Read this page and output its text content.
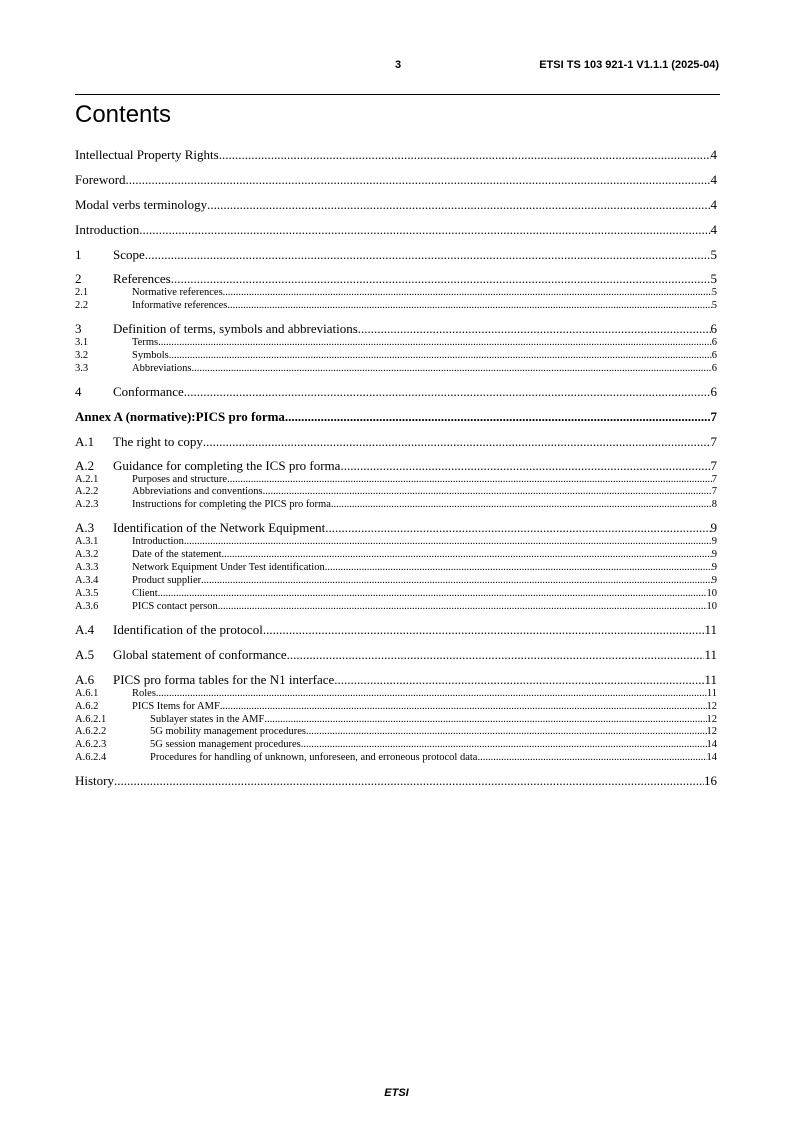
3	ETSI TS 103 921-1 V1.1.1 (2025-04)
Contents
Intellectual Property Rights .....	4
Foreword .....	4
Modal verbs terminology .....	4
Introduction .....	4
1	Scope .....	5
2	References .....	5
2.1	Normative references .....	5
2.2	Informative references .....	5
3	Definition of terms, symbols and abbreviations .....	6
3.1	Terms .....	6
3.2	Symbols .....	6
3.3	Abbreviations .....	6
4	Conformance .....	6
Annex A (normative): PICS pro forma .....	7
A.1	The right to copy .....	7
A.2	Guidance for completing the ICS pro forma .....	7
A.2.1	Purposes and structure .....	7
A.2.2	Abbreviations and conventions .....	7
A.2.3	Instructions for completing the PICS pro forma .....	8
A.3	Identification of the Network Equipment .....	9
A.3.1	Introduction .....	9
A.3.2	Date of the statement .....	9
A.3.3	Network Equipment Under Test identification .....	9
A.3.4	Product supplier .....	9
A.3.5	Client .....	10
A.3.6	PICS contact person .....	10
A.4	Identification of the protocol .....	11
A.5	Global statement of conformance .....	11
A.6	PICS pro forma tables for the N1 interface .....	11
A.6.1	Roles .....	11
A.6.2	PICS Items for AMF .....	12
A.6.2.1	Sublayer states in the AMF .....	12
A.6.2.2	5G mobility management procedures .....	12
A.6.2.3	5G session management procedures .....	14
A.6.2.4	Procedures for handling of unknown, unforeseen, and erroneous protocol data .....	14
History .....	16
ETSI
